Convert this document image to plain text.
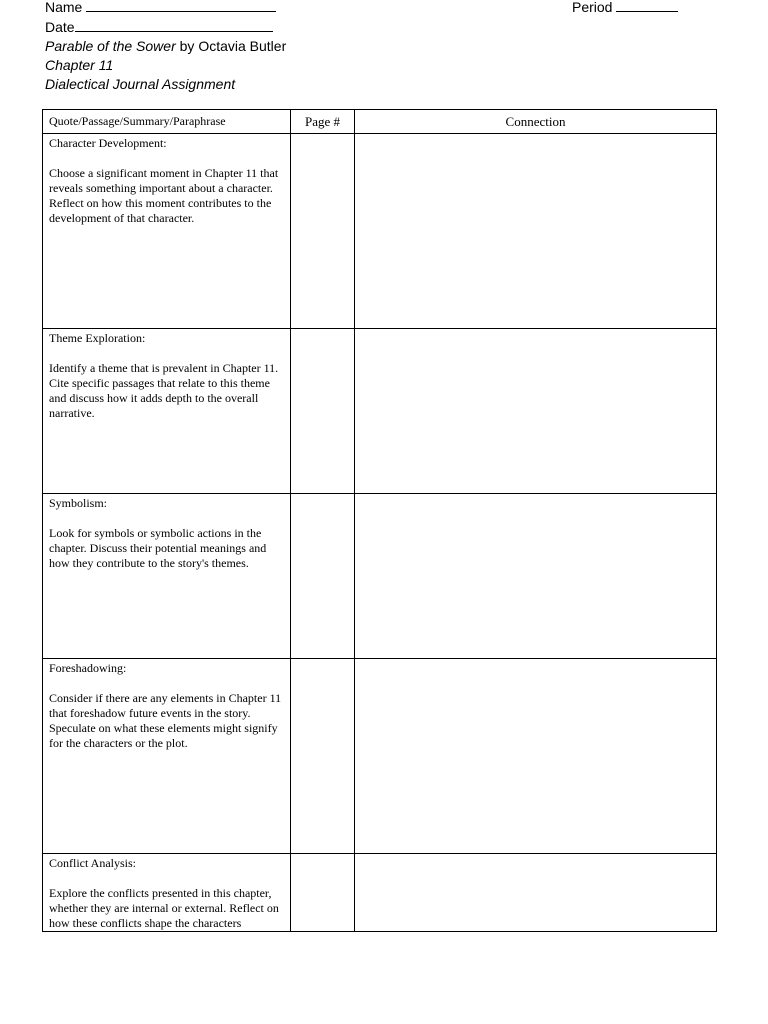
Name	Period
Date
Parable of the Sower by Octavia Butler
Chapter 11
Dialectical Journal Assignment
Quote/Passage/Summary/Paraphrase	Page #	Connection

Character Development:
Choose a significant moment in Chapter 11 that reveals something important about a character. Reflect on how this moment contributes to the development of that character.		

Theme Exploration:
Identify a theme that is prevalent in Chapter 11. Cite specific passages that relate to this theme and discuss how it adds depth to the overall narrative.		

Symbolism:
Look for symbols or symbolic actions in the chapter. Discuss their potential meanings and how they contribute to the story's themes.		

Foreshadowing:
Consider if there are any elements in Chapter 11 that foreshadow future events in the story. Speculate on what these elements might signify for the characters or the plot.		

Conflict Analysis:
Explore the conflicts presented in this chapter, whether they are internal or external. Reflect on how these conflicts shape the characters		
